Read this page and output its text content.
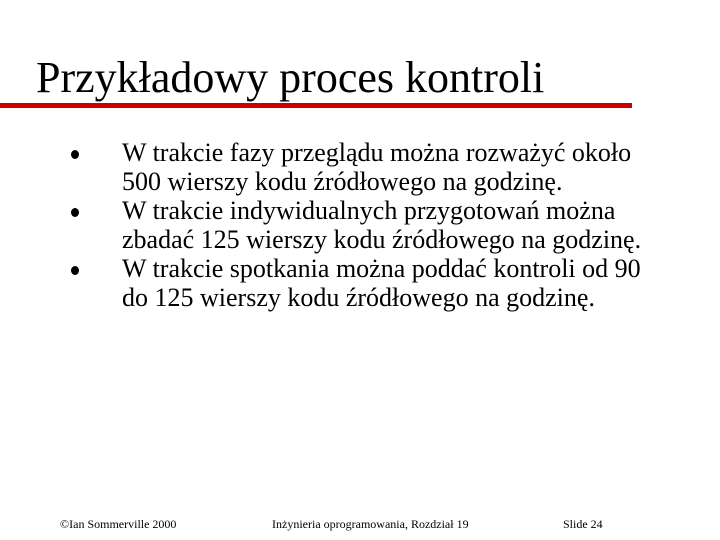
Przykładowy proces kontroli
W trakcie fazy przeglądu można rozważyć około
500 wierszy kodu źródłowego na godzinę.
W trakcie indywidualnych przygotowań można
zbadać 125 wierszy kodu źródłowego na godzinę.
W trakcie spotkania można poddać kontroli od 90
do 125 wierszy kodu źródłowego na godzinę.
©Ian Sommerville 2000	Inżynieria oprogramowania, Rozdział 19	Slide 24
